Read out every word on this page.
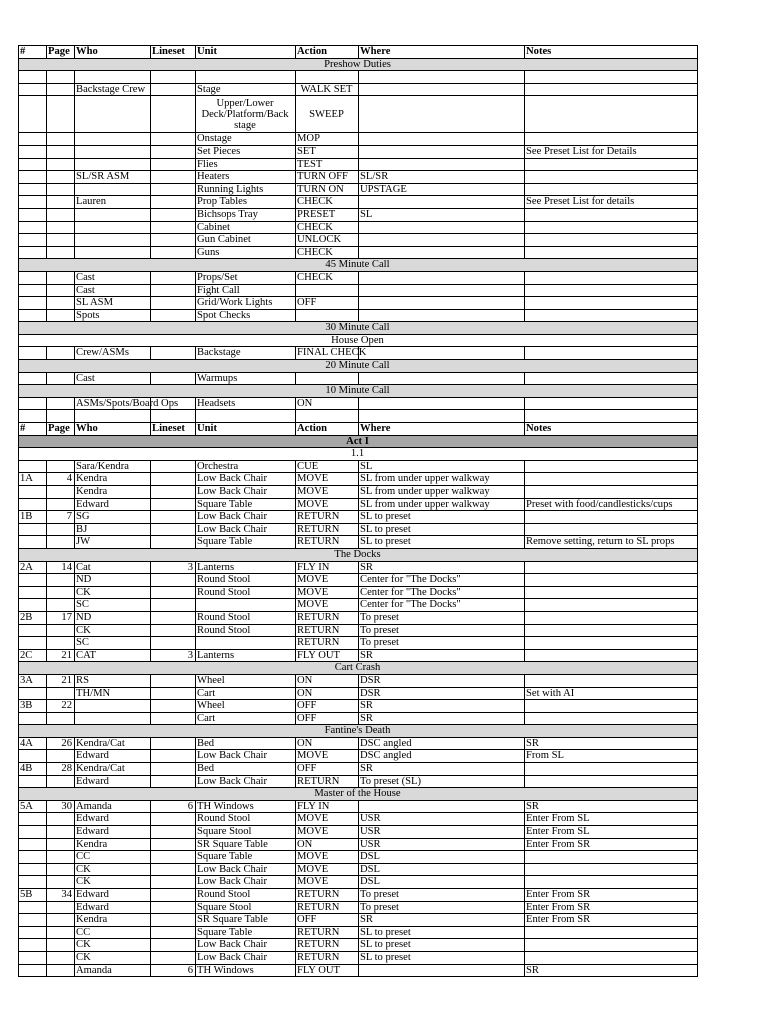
#	Page	Who	Lineset	Unit	Action	Where	Notes
Preshow Duties							

		Backstage Crew		Stage	WALK SET		
				Upper/Lower Deck/Platform/Back stage	SWEEP		
				Onstage	MOP		
				Set Pieces	SET		See Preset List for Details
				Flies	TEST		
		SL/SR ASM		Heaters	TURN OFF	SL/SR	
				Running Lights	TURN ON	UPSTAGE	
		Lauren		Prop Tables	CHECK		See Preset List for details
				Bichsops Tray	PRESET	SL	
				Cabinet	CHECK		
				Gun Cabinet	UNLOCK		
				Guns	CHECK		
45 Minute Call							
		Cast		Props/Set	CHECK		
		Cast		Fight Call			
		SL ASM		Grid/Work Lights	OFF		
		Spots		Spot Checks			
30 Minute Call							
House Open							
		Crew/ASMs		Backstage	FINAL CHECK		
20 Minute Call							
		Cast		Warmups			
10 Minute Call							
		ASMs/Spots/Board Ops		Headsets	ON		

#	Page	Who	Lineset	Unit	Action	Where	Notes
Act I							
1.1							
		Sara/Kendra		Orchestra	CUE	SL	
1A	4	Kendra		Low Back Chair	MOVE	SL from under upper walkway	
		Kendra		Low Back Chair	MOVE	SL from under upper walkway	
		Edward		Square Table	MOVE	SL from under upper walkway	Preset with food/candlesticks/cups
1B	7	SG		Low Back Chair	RETURN	SL to preset	
		BJ		Low Back Chair	RETURN	SL to preset	
		JW		Square Table	RETURN	SL to preset	Remove setting, return to SL props
The Docks							
2A	14	Cat	3	Lanterns	FLY IN	SR	
		ND		Round Stool	MOVE	Center for "The Docks"	
		CK		Round Stool	MOVE	Center for "The Docks"	
		SC			MOVE	Center for "The Docks"	
2B	17	ND		Round Stool	RETURN	To preset	
		CK		Round Stool	RETURN	To preset	
		SC			RETURN	To preset	
2C	21	CAT	3	Lanterns	FLY OUT	SR	
Cart Crash							
3A	21	RS		Wheel	ON	DSR	
		TH/MN		Cart	ON	DSR	Set with AI
3B	22			Wheel	OFF	SR	
				Cart	OFF	SR	
Fantine's Death							
4A	26	Kendra/Cat		Bed	ON	DSC angled	SR
		Edward		Low Back Chair	MOVE	DSC angled	From SL
4B	28	Kendra/Cat		Bed	OFF	SR	
		Edward		Low Back Chair	RETURN	To preset (SL)	
Master of the House							
5A	30	Amanda	6	TH Windows	FLY IN		SR
		Edward		Round Stool	MOVE	USR	Enter From SL
		Edward		Square Stool	MOVE	USR	Enter From SL
		Kendra		SR Square Table	ON	USR	Enter From SR
		CC		Square Table	MOVE	DSL	
		CK		Low Back Chair	MOVE	DSL	
		CK		Low Back Chair	MOVE	DSL	
5B	34	Edward		Round Stool	RETURN	To preset	Enter From SR
		Edward		Square Stool	RETURN	To preset	Enter From SR
		Kendra		SR Square Table	OFF	SR	Enter From SR
		CC		Square Table	RETURN	SL to preset	
		CK		Low Back Chair	RETURN	SL to preset	
		CK		Low Back Chair	RETURN	SL to preset	
		Amanda	6	TH Windows	FLY OUT		SR
